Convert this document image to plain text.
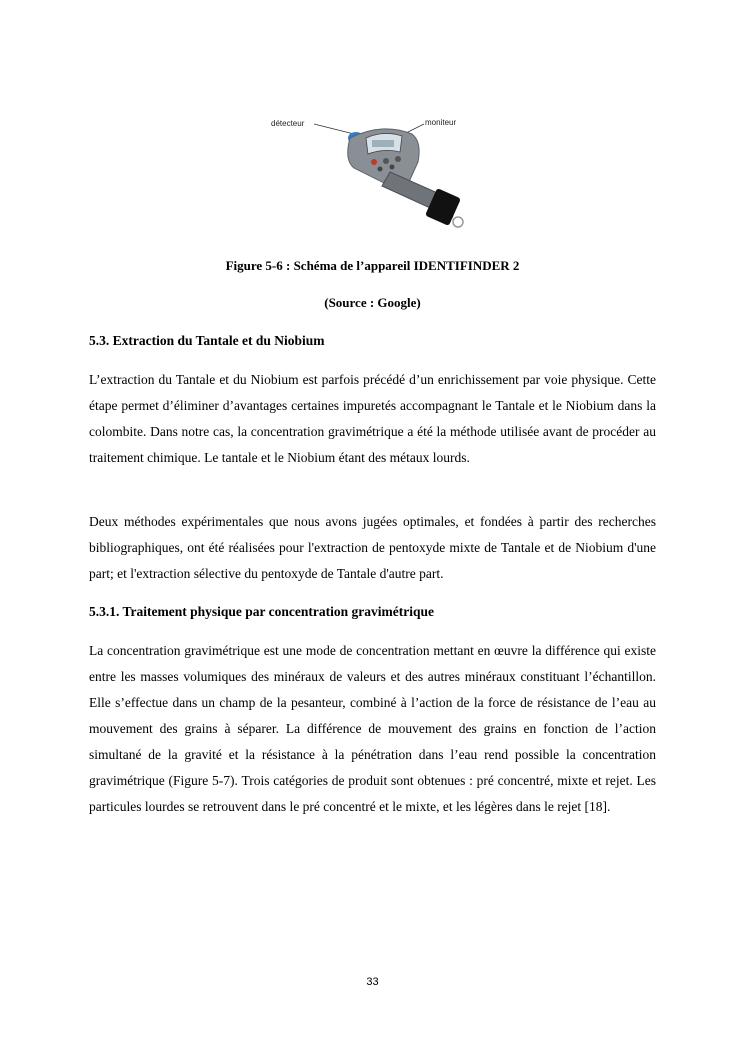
détecteur	moniteur
Figure 5-6 : Schéma de l’appareil IDENTIFINDER 2
(Source : Google)
5.3. Extraction du Tantale et du Niobium
L’extraction du Tantale et du Niobium est parfois précédé d’un enrichissement par voie physique. Cette étape permet d’éliminer d’avantages certaines impuretés accompagnant le Tantale et le Niobium dans la colombite. Dans notre cas, la concentration gravimétrique a été la méthode utilisée avant de procéder au traitement chimique. Le tantale et le Niobium étant des métaux lourds.
Deux méthodes expérimentales que nous avons jugées optimales, et fondées à partir des recherches bibliographiques, ont été réalisées pour l'extraction de pentoxyde mixte de Tantale et de Niobium d'une part; et l'extraction sélective du pentoxyde de Tantale d'autre part.
5.3.1. Traitement physique par concentration gravimétrique
La concentration gravimétrique est une mode de concentration mettant en œuvre la différence qui existe entre les masses volumiques des minéraux de valeurs et des autres minéraux constituant l’échantillon. Elle s’effectue dans un champ de la pesanteur, combiné à l’action de la force de résistance de l’eau au mouvement des grains à séparer. La différence de mouvement des grains en fonction de l’action simultané de la gravité et la résistance à la pénétration dans l’eau rend possible la concentration gravimétrique (Figure 5-7). Trois catégories de produit sont obtenues : pré concentré, mixte et rejet. Les particules lourdes se retrouvent dans le pré concentré et le mixte, et les légères dans le rejet [18].
33
